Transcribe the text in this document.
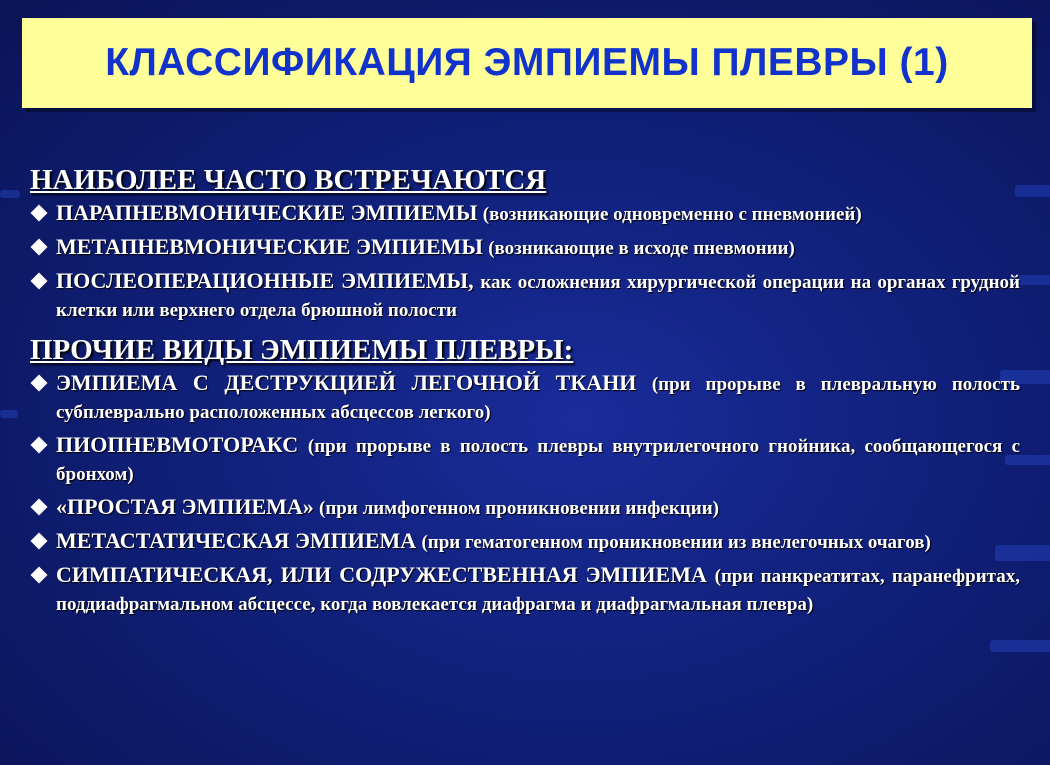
КЛАССИФИКАЦИЯ ЭМПИЕМЫ ПЛЕВРЫ (1)
НАИБОЛЕЕ ЧАСТО ВСТРЕЧАЮТСЯ

ПАРАПНЕВМОНИЧЕСКИЕ ЭМПИЕМЫ (возникающие одновременно с пневмонией)

МЕТАПНЕВМОНИЧЕСКИЕ ЭМПИЕМЫ (возникающие в исходе пневмонии)

ПОСЛЕОПЕРАЦИОННЫЕ ЭМПИЕМЫ, как осложнения хирургической операции на органах грудной клетки или верхнего отдела брюшной полости

ПРОЧИЕ ВИДЫ ЭМПИЕМЫ ПЛЕВРЫ:

ЭМПИЕМА С ДЕСТРУКЦИЕЙ ЛЕГОЧНОЙ ТКАНИ (при прорыве в плевральную полость субплеврально расположенных абсцессов легкого)

ПИОПНЕВМОТОРАКС (при прорыве в полость плевры внутрилегочного гнойника, сообщающегося с бронхом)

«ПРОСТАЯ ЭМПИЕМА» (при лимфогенном проникновении инфекции)

МЕТАСТАТИЧЕСКАЯ ЭМПИЕМА (при гематогенном проникновении из внелегочных очагов)

СИМПАТИЧЕСКАЯ, ИЛИ СОДРУЖЕСТВЕННАЯ ЭМПИЕМА (при панкреатитах, паранефритах, поддиафрагмальном абсцессе, когда вовлекается диафрагма и диафрагмальная плевра)
